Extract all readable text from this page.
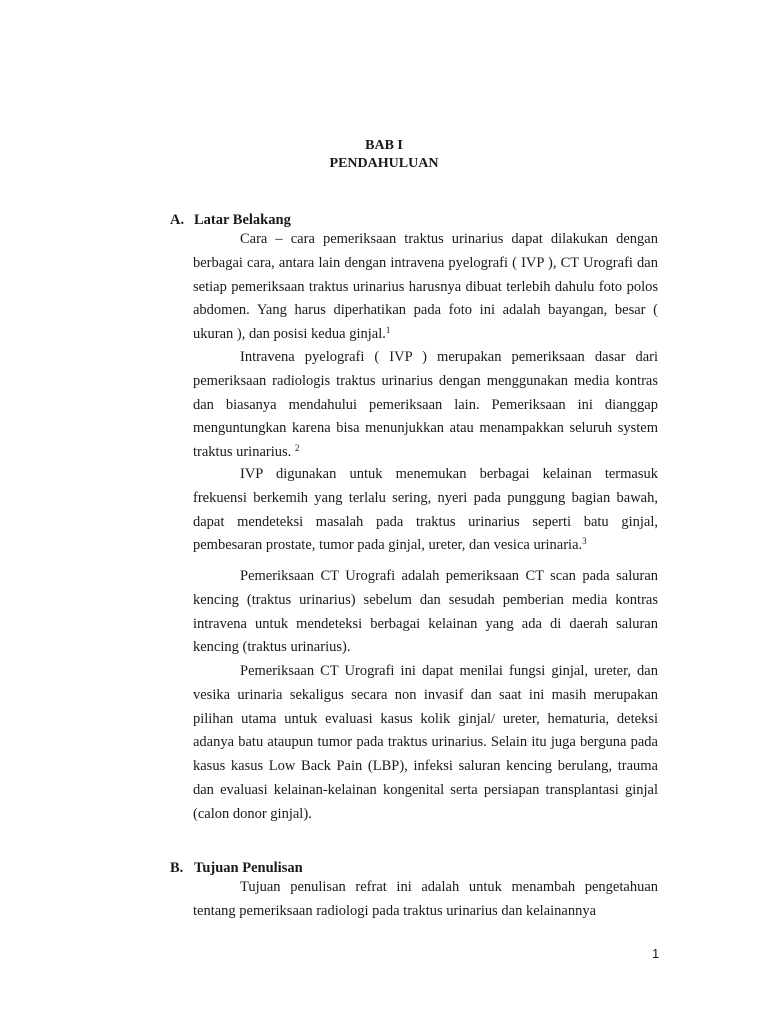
BAB I
PENDAHULUAN
A. Latar Belakang

Cara – cara pemeriksaan traktus urinarius dapat dilakukan dengan berbagai cara, antara lain dengan intravena pyelografi ( IVP ), CT Urografi dan setiap pemeriksaan traktus urinarius harusnya dibuat terlebih dahulu foto polos abdomen. Yang harus diperhatikan pada foto ini adalah bayangan, besar ( ukuran ), dan posisi kedua ginjal.$^1$

Intravena pyelografi ( IVP ) merupakan pemeriksaan dasar dari pemeriksaan radiologis traktus urinarius dengan menggunakan media kontras dan biasanya mendahului pemeriksaan lain. Pemeriksaan ini dianggap menguntungkan karena bisa menunjukkan atau menampakkan seluruh system traktus urinarius. $^2$

IVP digunakan untuk menemukan berbagai kelainan termasuk frekuensi berkemih yang terlalu sering, nyeri pada punggung bagian bawah, dapat mendeteksi masalah pada traktus urinarius seperti batu ginjal, pembesaran prostate, tumor pada ginjal, ureter, dan vesica urinaria.$^3$

Pemeriksaan CT Urografi adalah pemeriksaan CT scan pada saluran kencing (traktus urinarius) sebelum dan sesudah pemberian media kontras intravena untuk mendeteksi berbagai kelainan yang ada di daerah saluran kencing (traktus urinarius).

Pemeriksaan CT Urografi ini dapat menilai fungsi ginjal, ureter, dan vesika urinaria sekaligus secara non invasif dan saat ini masih merupakan pilihan utama untuk evaluasi kasus kolik ginjal/ ureter, hematuria, deteksi adanya batu ataupun tumor pada traktus urinarius. Selain itu juga berguna pada kasus kasus Low Back Pain (LBP), infeksi saluran kencing berulang, trauma dan evaluasi kelainan-kelainan kongenital serta persiapan transplantasi ginjal (calon donor ginjal).

B. Tujuan Penulisan

Tujuan penulisan refrat ini adalah untuk menambah pengetahuan tentang pemeriksaan radiologi pada traktus urinarius dan kelainannya

1
